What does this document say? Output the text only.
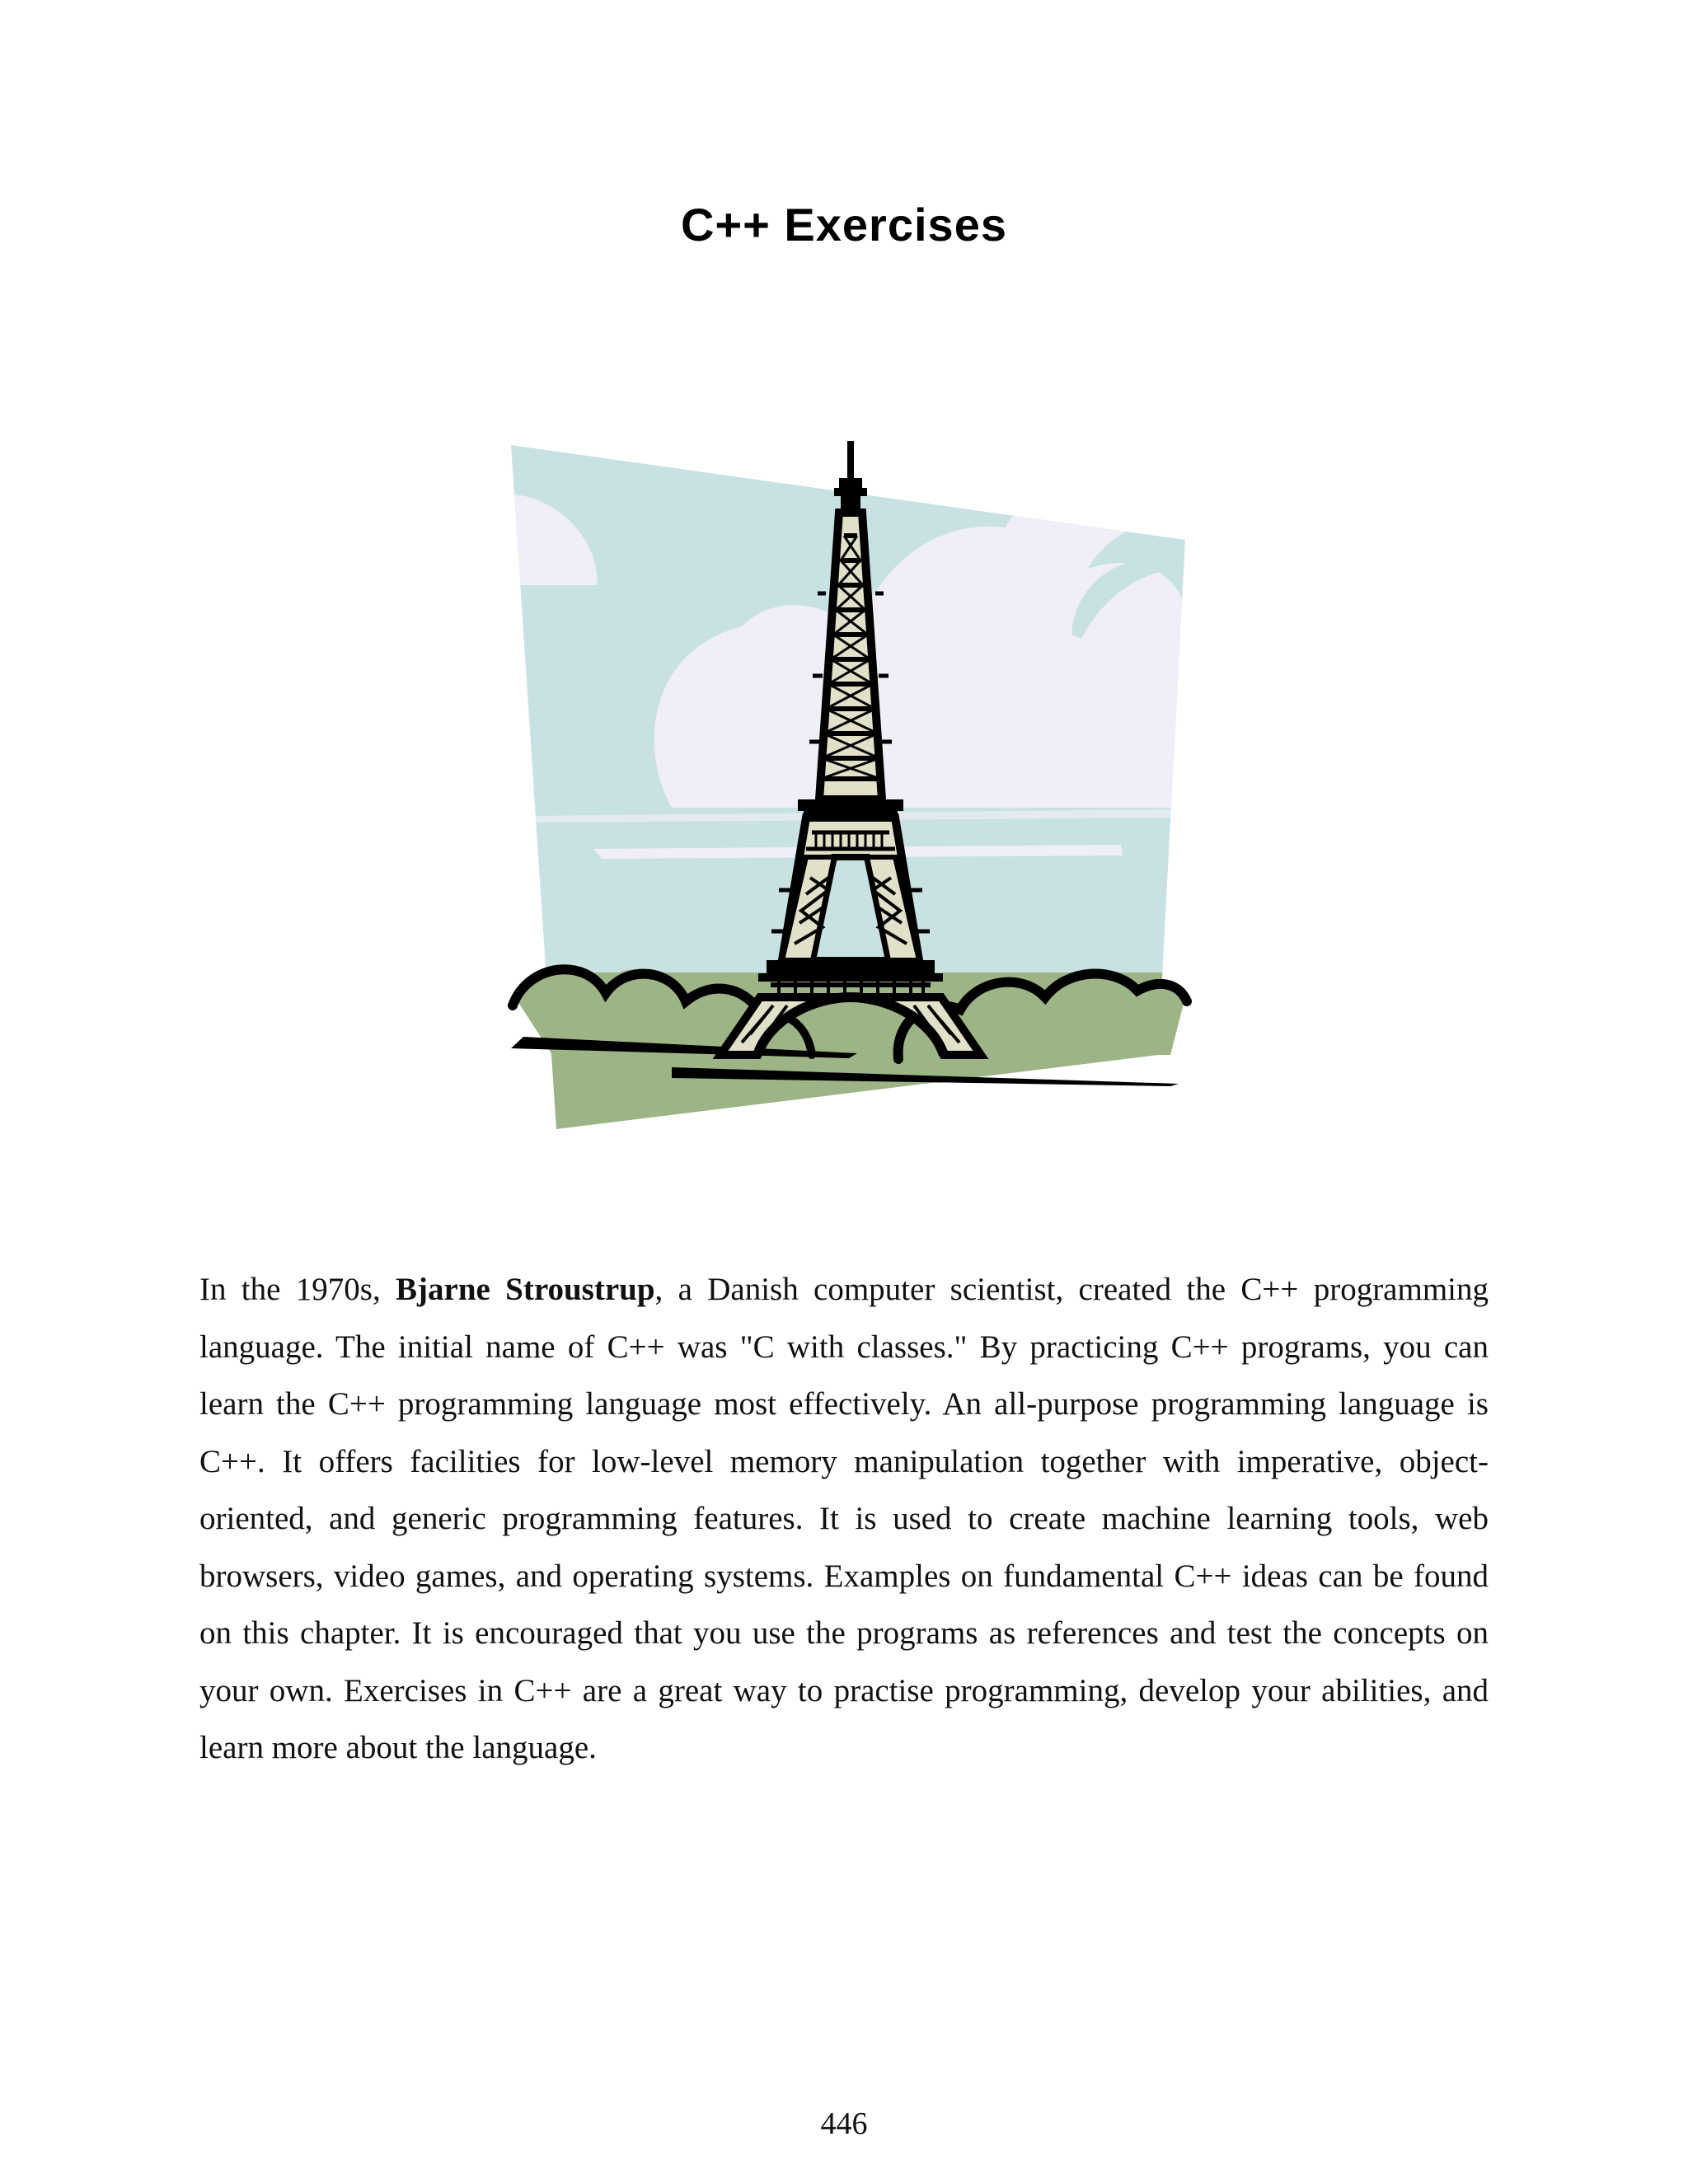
C++ Exercises
In the 1970s, Bjarne Stroustrup, a Danish computer scientist, created the C++ programming language. The initial name of C++ was "C with classes." By practicing C++ programs, you can learn the C++ programming language most effectively. An all-purpose programming language is C++. It offers facilities for low-level memory manipulation together with imperative, object-oriented, and generic programming features. It is used to create machine learning tools, web browsers, video games, and operating systems. Examples on fundamental C++ ideas can be found on this chapter. It is encouraged that you use the programs as references and test the concepts on your own. Exercises in C++ are a great way to practise programming, develop your abilities, and learn more about the language.
446
